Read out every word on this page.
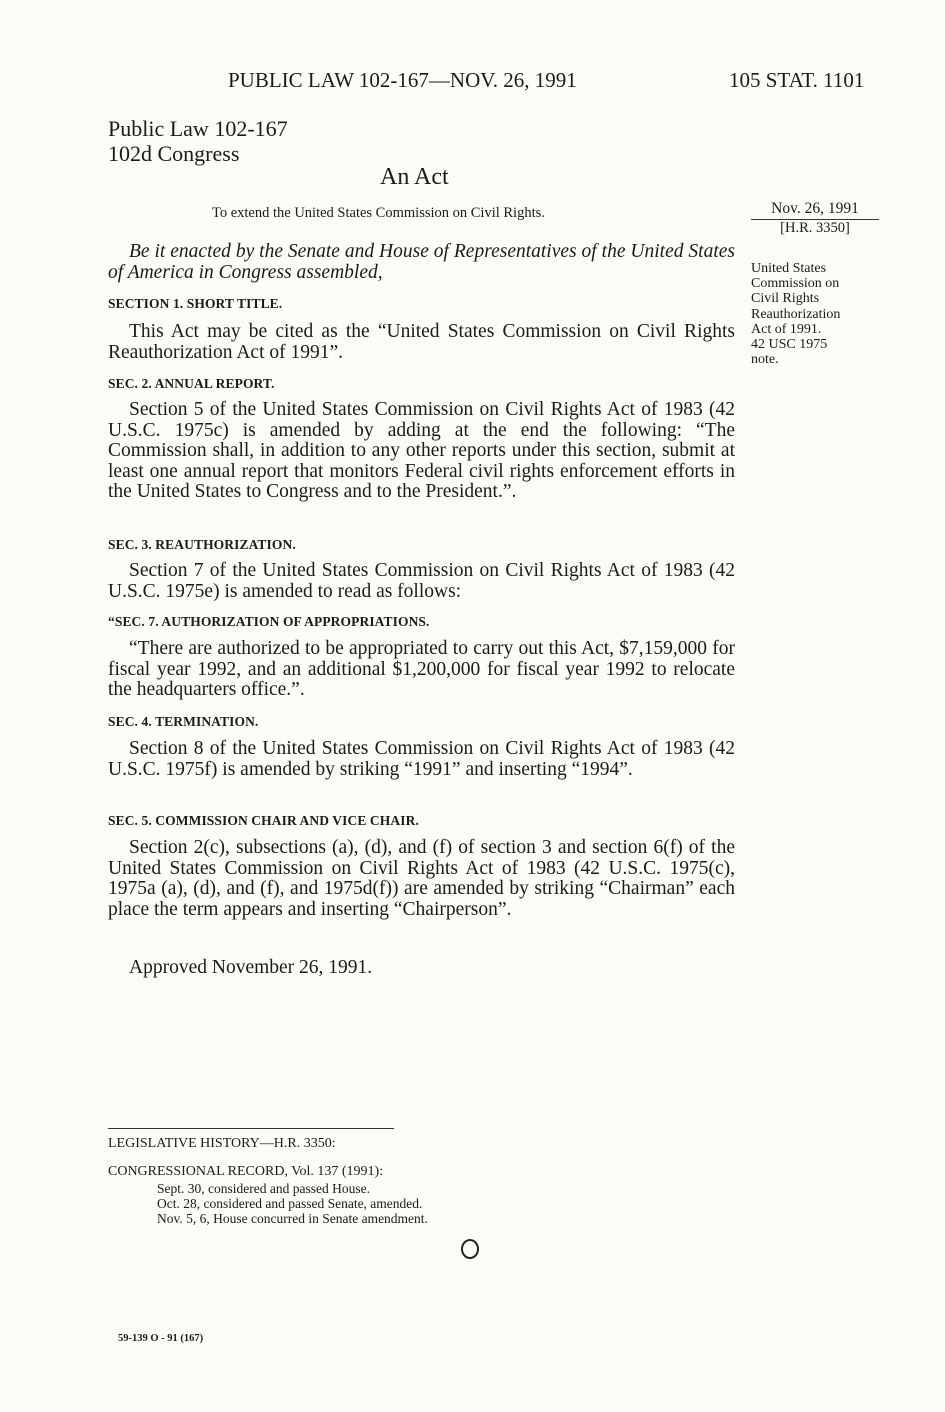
PUBLIC LAW 102-167—NOV. 26, 1991	105 STAT. 1101
Public Law 102-167
102d Congress
An Act
To extend the United States Commission on Civil Rights.	Nov. 26, 1991
[H.R. 3350]
United States
Commission on
Civil Rights
Reauthorization
Act of 1991.
42 USC 1975
note.

Be it enacted by the Senate and House of Representatives of the United States of America in Congress assembled,

SECTION 1. SHORT TITLE.

This Act may be cited as the “United States Commission on Civil Rights Reauthorization Act of 1991”.

SEC. 2. ANNUAL REPORT.

Section 5 of the United States Commission on Civil Rights Act of 1983 (42 U.S.C. 1975c) is amended by adding at the end the following: “The Commission shall, in addition to any other reports under this section, submit at least one annual report that monitors Federal civil rights enforcement efforts in the United States to Congress and to the President.”.

SEC. 3. REAUTHORIZATION.

Section 7 of the United States Commission on Civil Rights Act of 1983 (42 U.S.C. 1975e) is amended to read as follows:

“SEC. 7. AUTHORIZATION OF APPROPRIATIONS.

“There are authorized to be appropriated to carry out this Act, $7,159,000 for fiscal year 1992, and an additional $1,200,000 for fiscal year 1992 to relocate the headquarters office.”.

SEC. 4. TERMINATION.

Section 8 of the United States Commission on Civil Rights Act of 1983 (42 U.S.C. 1975f) is amended by striking “1991” and inserting “1994”.

SEC. 5. COMMISSION CHAIR AND VICE CHAIR.

Section 2(c), subsections (a), (d), and (f) of section 3 and section 6(f) of the United States Commission on Civil Rights Act of 1983 (42 U.S.C. 1975(c), 1975a (a), (d), and (f), and 1975d(f)) are amended by striking “Chairman” each place the term appears and inserting “Chairperson”.

Approved November 26, 1991.
LEGISLATIVE HISTORY—H.R. 3350:
CONGRESSIONAL RECORD, Vol. 137 (1991):
Sept. 30, considered and passed House.
Oct. 28, considered and passed Senate, amended.
Nov. 5, 6, House concurred in Senate amendment.
59-139 O - 91 (167)
